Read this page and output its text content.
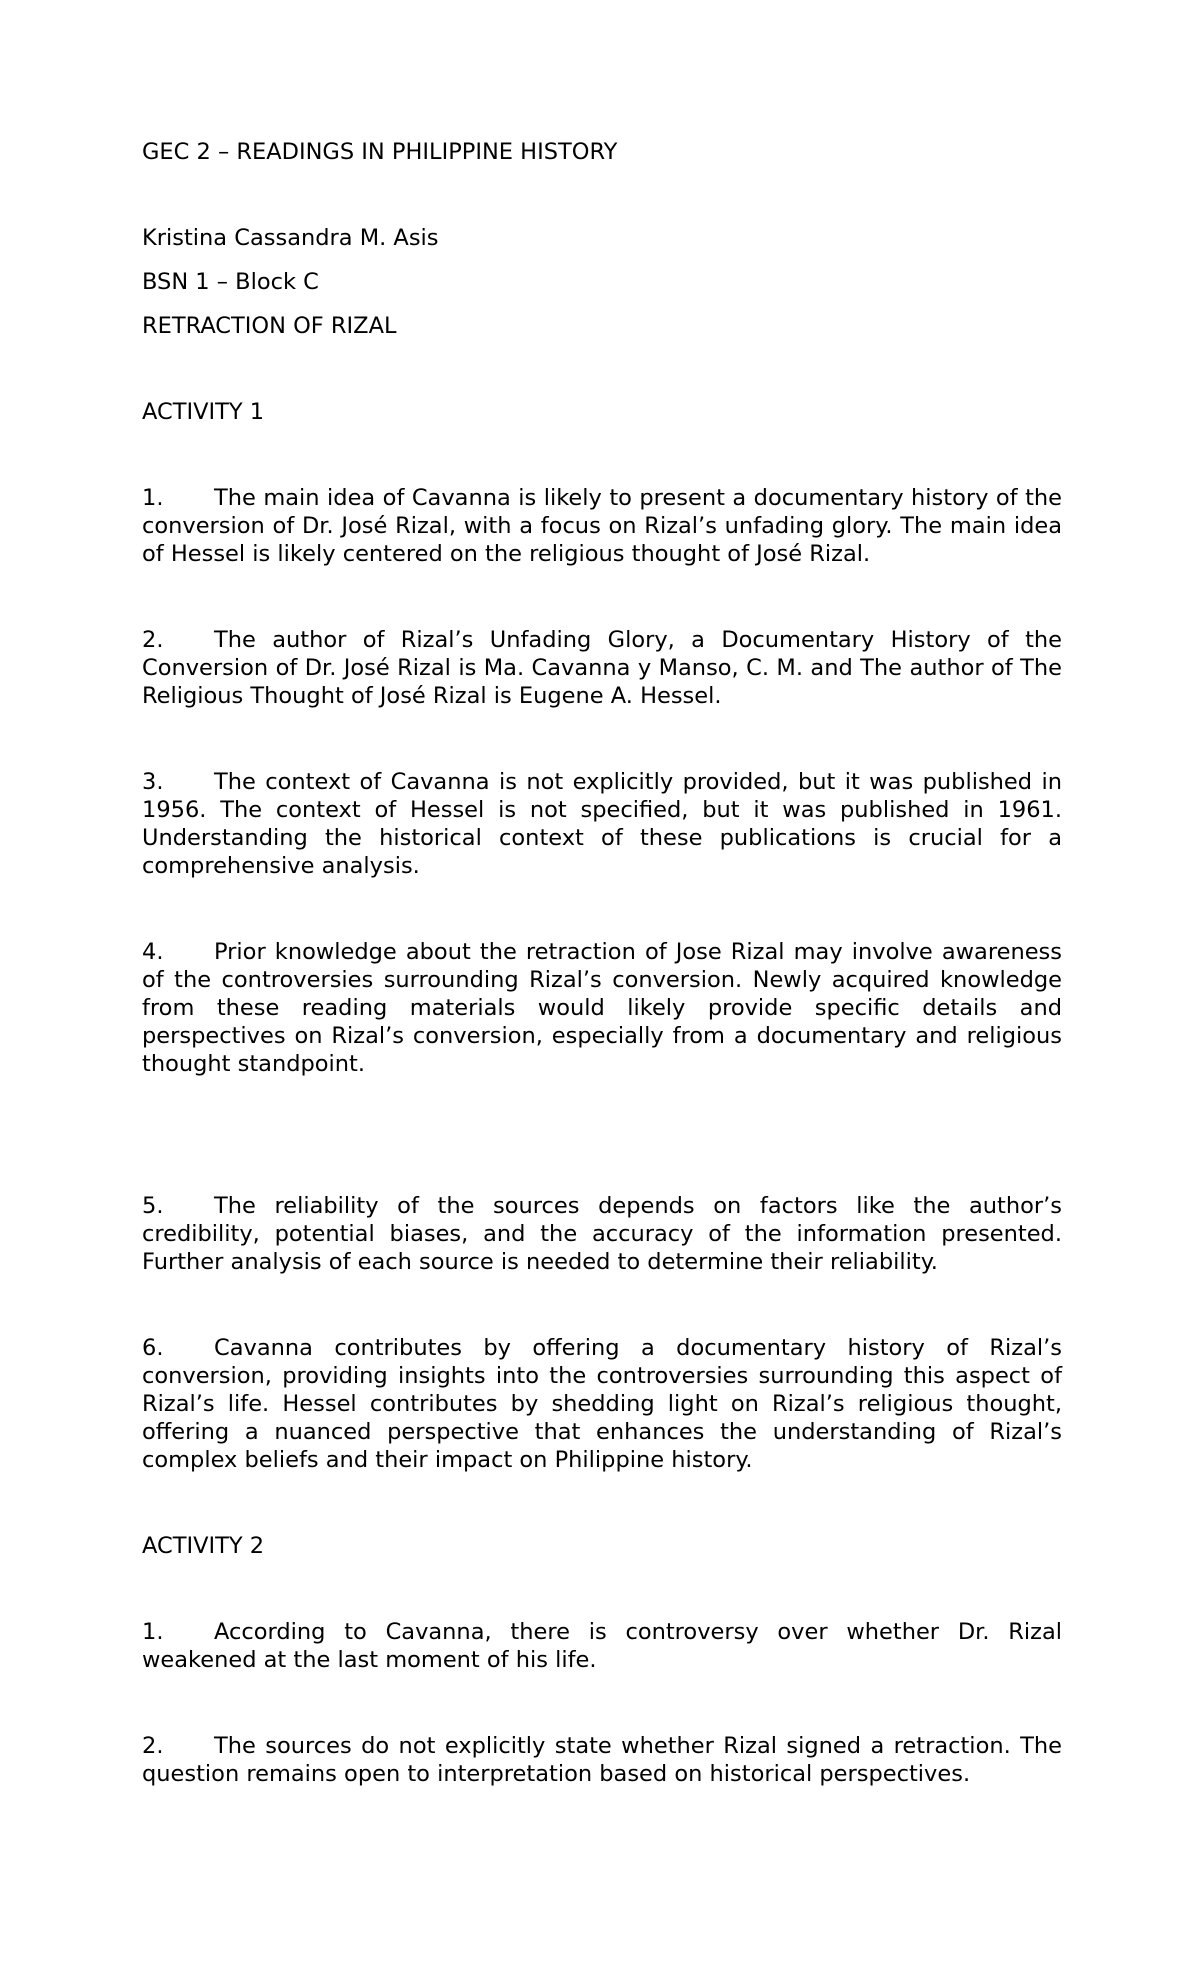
GEC 2 – READINGS IN PHILIPPINE HISTORY

Kristina Cassandra M. Asis

BSN 1 – Block C

RETRACTION OF RIZAL

ACTIVITY 1

1. The main idea of Cavanna is likely to present a documentary history of the conversion of Dr. José Rizal, with a focus on Rizal’s unfading glory. The main idea of Hessel is likely centered on the religious thought of José Rizal.

2. The author of Rizal’s Unfading Glory, a Documentary History of the Conversion of Dr. José Rizal is Ma. Cavanna y Manso, C. M. and The author of The Religious Thought of José Rizal is Eugene A. Hessel.

3. The context of Cavanna is not explicitly provided, but it was published in 1956. The context of Hessel is not specified, but it was published in 1961. Understanding the historical context of these publications is crucial for a comprehensive analysis.

4. Prior knowledge about the retraction of Jose Rizal may involve awareness of the controversies surrounding Rizal’s conversion. Newly acquired knowledge from these reading materials would likely provide specific details and perspectives on Rizal’s conversion, especially from a documentary and religious thought standpoint.

5. The reliability of the sources depends on factors like the author’s credibility, potential biases, and the accuracy of the information presented. Further analysis of each source is needed to determine their reliability.

6. Cavanna contributes by offering a documentary history of Rizal’s conversion, providing insights into the controversies surrounding this aspect of Rizal’s life. Hessel contributes by shedding light on Rizal’s religious thought, offering a nuanced perspective that enhances the understanding of Rizal’s complex beliefs and their impact on Philippine history.

ACTIVITY 2

1. According to Cavanna, there is controversy over whether Dr. Rizal weakened at the last moment of his life.

2. The sources do not explicitly state whether Rizal signed a retraction. The question remains open to interpretation based on historical perspectives.
